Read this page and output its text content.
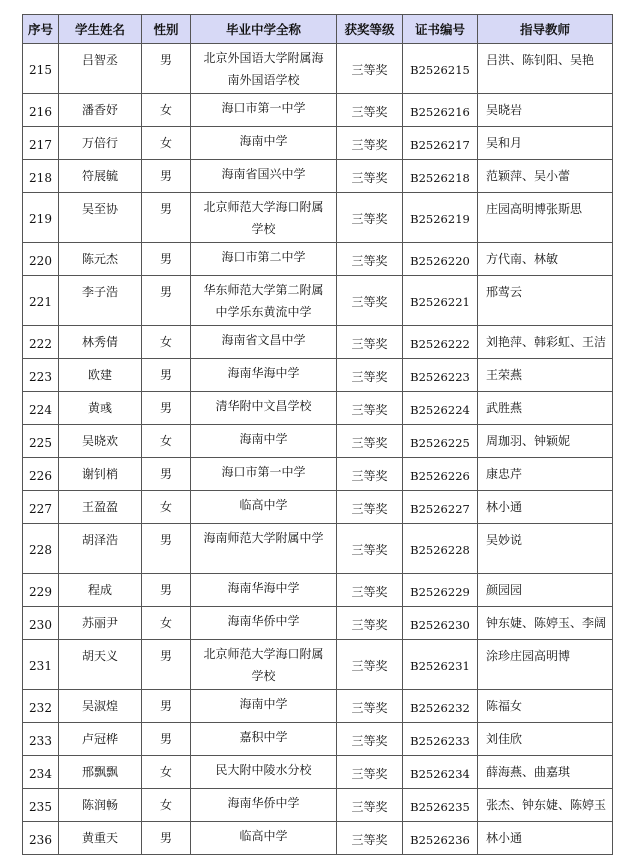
序号	学生姓名	性别	毕业中学全称	获奖等级	证书编号	指导教师

215	吕智丞	男	北京外国语大学附属海南外国语学校	三等奖	B2526215	吕洪、陈钊阳、吴艳

216	潘香妤	女	海口市第一中学	三等奖	B2526216	吴晓岩

217	万倍行	女	海南中学	三等奖	B2526217	吴和月

218	符展毓	男	海南省国兴中学	三等奖	B2526218	范颖萍、吴小蕾

219	吴至协	男	北京师范大学海口附属学校	三等奖	B2526219	庄园高明博张斯思

220	陈元杰	男	海口市第二中学	三等奖	B2526220	方代南、林敏

221	李子浩	男	华东师范大学第二附属中学乐东黄流中学	三等奖	B2526221	邢莺云

222	林秀倩	女	海南省文昌中学	三等奖	B2526222	刘艳萍、韩彩虹、王洁

223	欧建	男	海南华海中学	三等奖	B2526223	王荣燕

224	黄彧	男	清华附中文昌学校	三等奖	B2526224	武胜燕

225	吴晓欢	女	海南中学	三等奖	B2526225	周珈羽、钟颖妮

226	谢钊梢	男	海口市第一中学	三等奖	B2526226	康忠芹

227	王盈盈	女	临高中学	三等奖	B2526227	林小通

228	胡泽浩	男	海南师范大学附属中学	三等奖	B2526228	吴妙说

229	程成	男	海南华海中学	三等奖	B2526229	颜园园

230	苏丽尹	女	海南华侨中学	三等奖	B2526230	钟东婕、陈婷玉、李阔

231	胡天义	男	北京师范大学海口附属学校	三等奖	B2526231	涂珍庄园高明博

232	吴淑煌	男	海南中学	三等奖	B2526232	陈福女

233	卢冠桦	男	嘉积中学	三等奖	B2526233	刘佳欣

234	邢飘飘	女	民大附中陵水分校	三等奖	B2526234	薛海燕、曲嘉琪

235	陈润畅	女	海南华侨中学	三等奖	B2526235	张杰、钟东婕、陈婷玉

236	黄重天	男	临高中学	三等奖	B2526236	林小通
